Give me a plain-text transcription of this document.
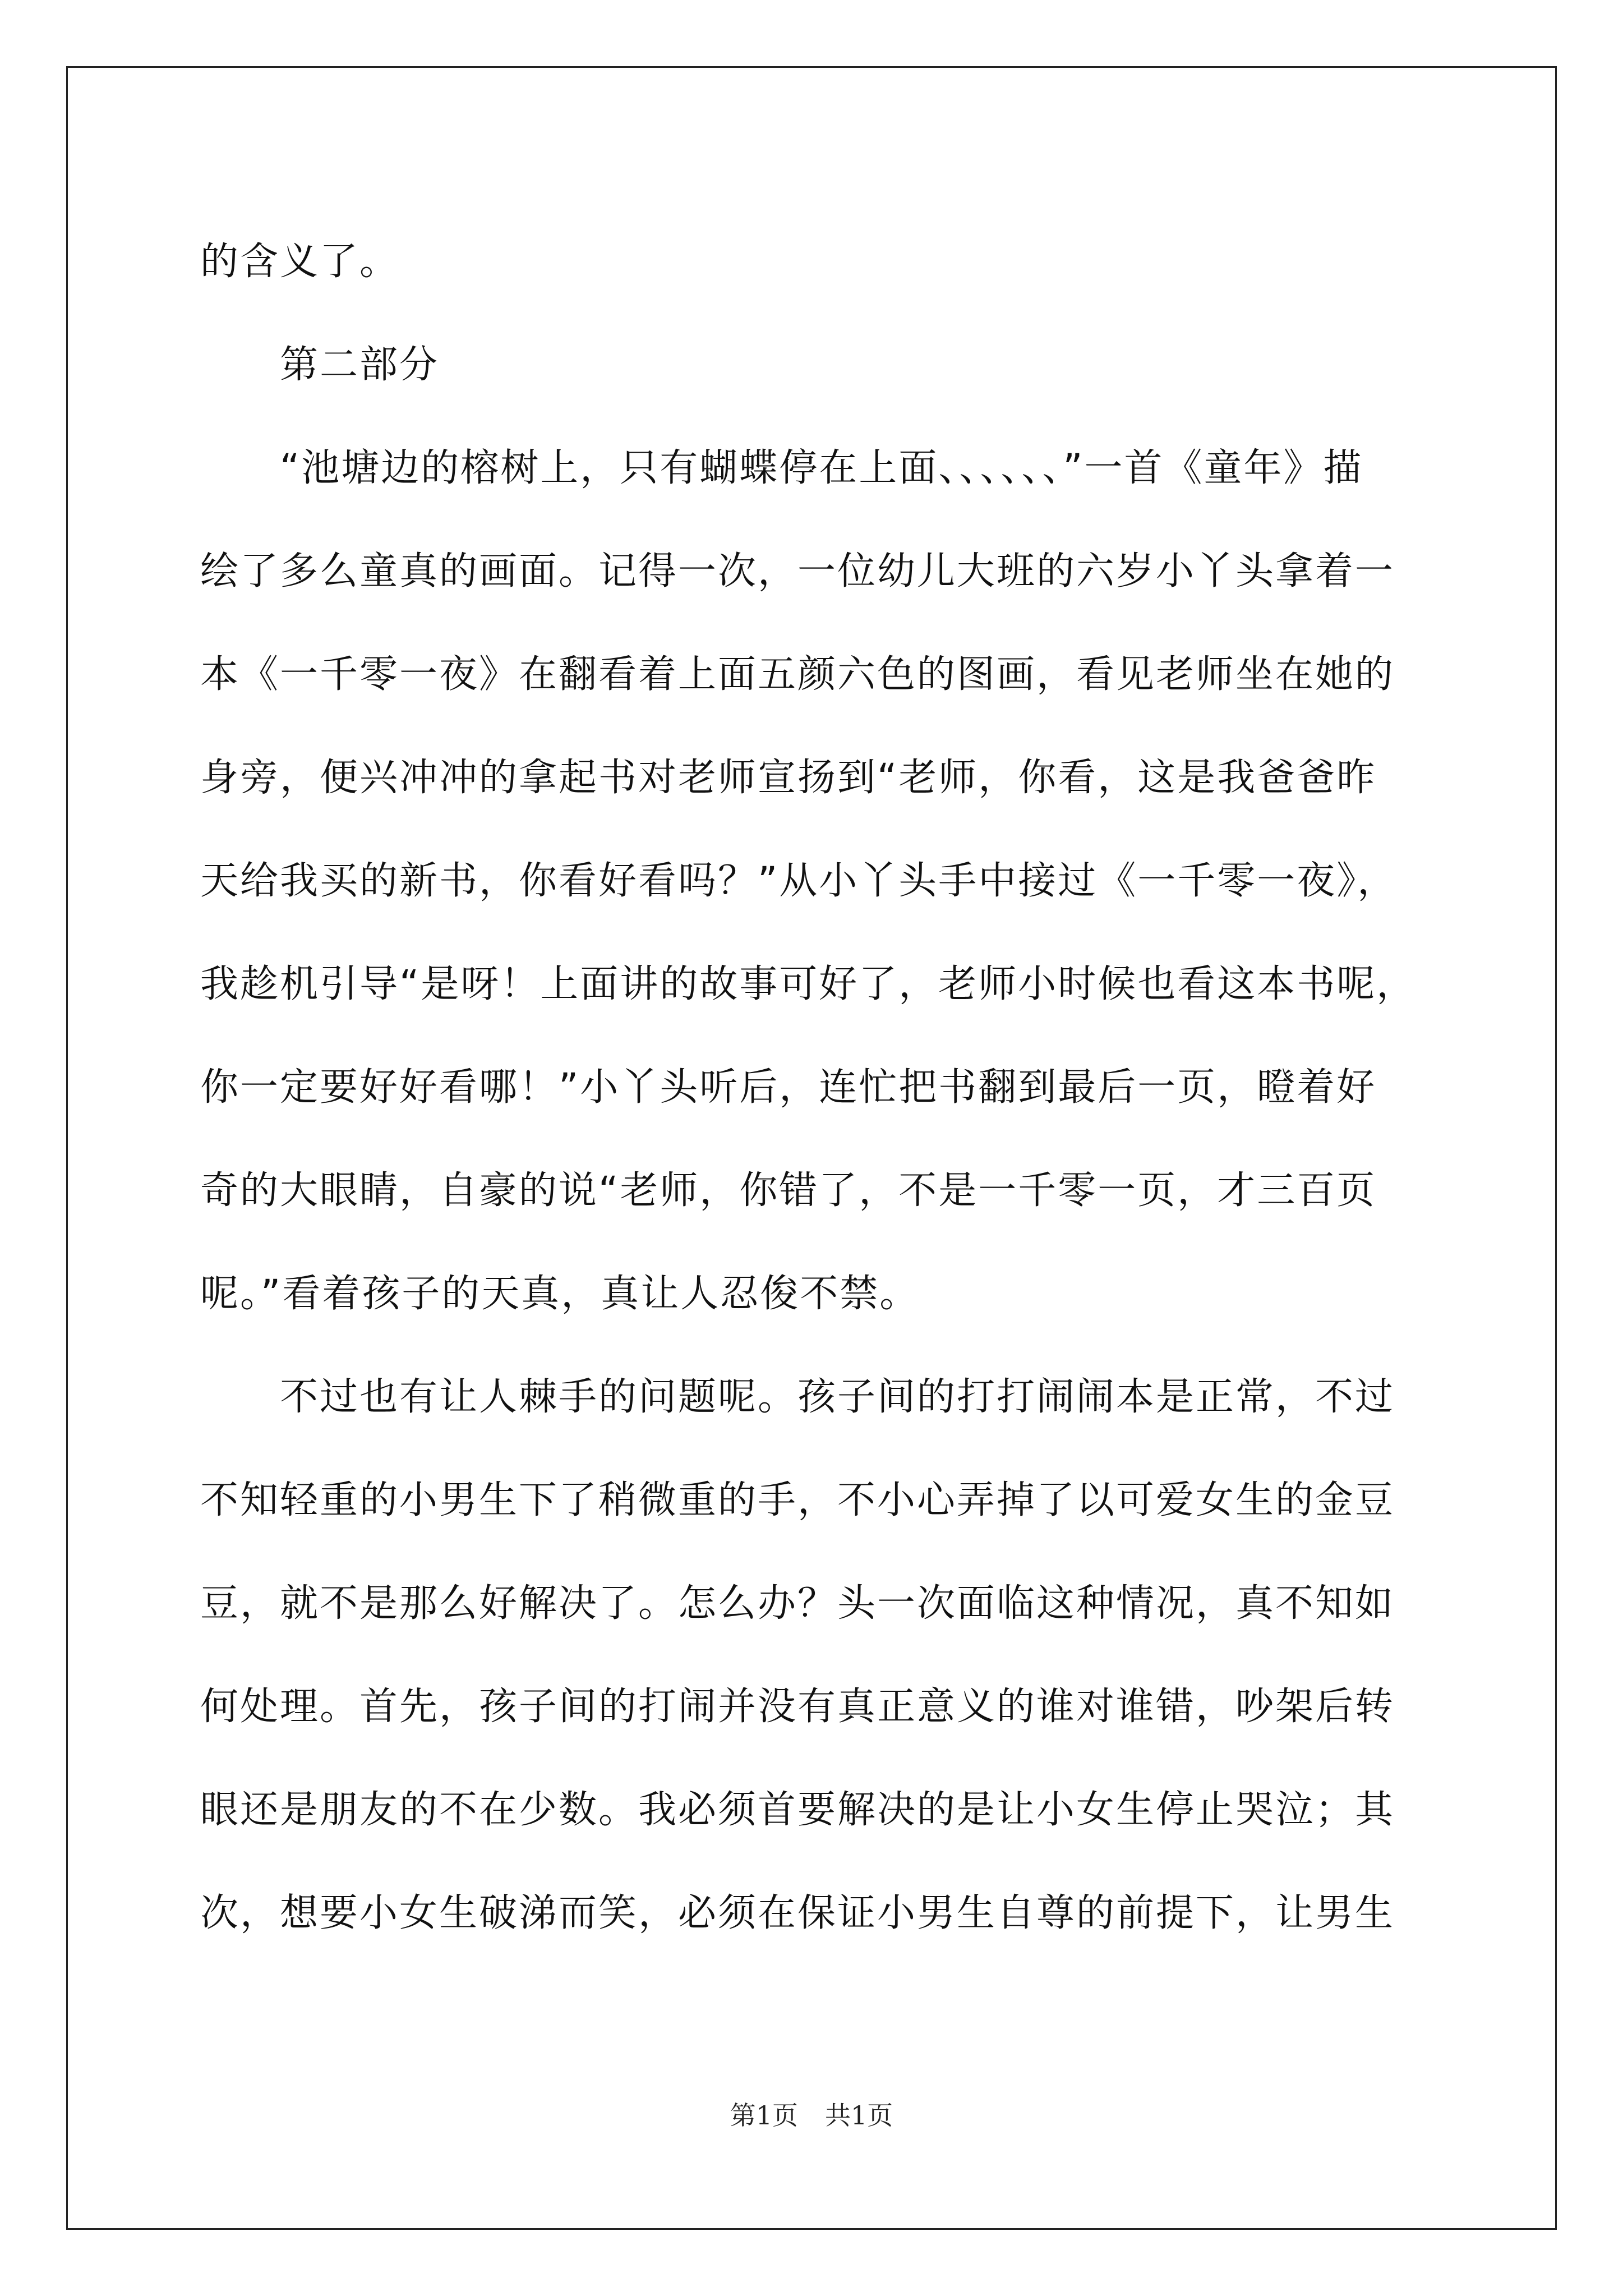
的含义了。
第二部分
“池塘边的榕树上，只有蝴蝶停在上面、、、、、、”一首《童年》描
绘了多么童真的画面。记得一次，一位幼儿大班的六岁小丫头拿着一
本《一千零一夜》在翻看着上面五颜六色的图画，看见老师坐在她的
身旁，便兴冲冲的拿起书对老师宣扬到“老师，你看，这是我爸爸昨
天给我买的新书，你看好看吗？”从小丫头手中接过《一千零一夜》，
我趁机引导“是呀！上面讲的故事可好了，老师小时候也看这本书呢，
你一定要好好看哪！”小丫头听后，连忙把书翻到最后一页，瞪着好
奇的大眼睛，自豪的说“老师，你错了，不是一千零一页，才三百页
呢。”看着孩子的天真，真让人忍俊不禁。
不过也有让人棘手的问题呢。孩子间的打打闹闹本是正常，不过
不知轻重的小男生下了稍微重的手，不小心弄掉了以可爱女生的金豆
豆，就不是那么好解决了。怎么办？头一次面临这种情况，真不知如
何处理。首先，孩子间的打闹并没有真正意义的谁对谁错，吵架后转
眼还是朋友的不在少数。我必须首要解决的是让小女生停止哭泣；其
次，想要小女生破涕而笑，必须在保证小男生自尊的前提下，让男生
第1页 共1页
